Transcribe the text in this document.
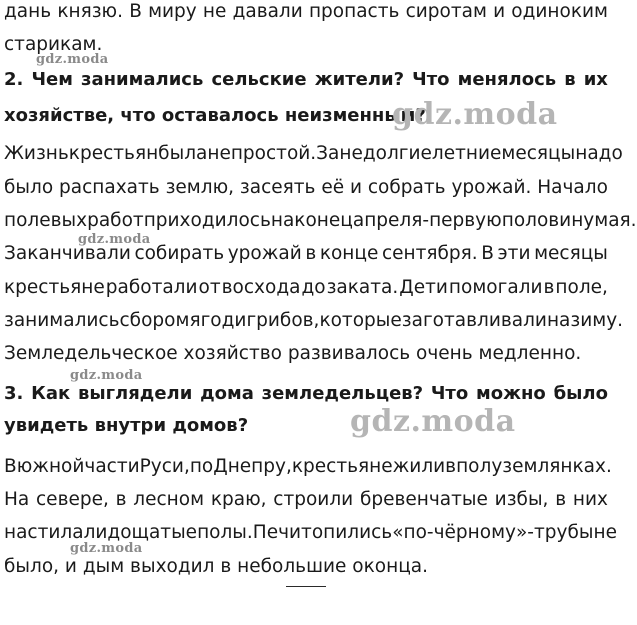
дань князю. В миру не давали пропасть сиротам и одиноким
старикам.
2. Чем занимались сельские жители? Что менялось в их
хозяйстве, что оставалось неизменным?
Жизнь крестьян была непростой. За недолгие летние месяцы надо
было распахать землю, засеять её и собрать урожай. Начало
полевых работ приходилось на конец апреля - первую половину мая.
Заканчивали собирать урожай в конце сентября. В эти месяцы
крестьяне работали от восхода до заката. Дети помогали в поле,
занимались сбором ягод и грибов, которые заготавливали на зиму.
Земледельческое хозяйство развивалось очень медленно.
3. Как выглядели дома земледельцев? Что можно было
увидеть внутри домов?
В южной части Руси, по Днепру, крестьяне жили в полуземлянках.
На севере, в лесном краю, строили бревенчатые избы, в них
настилали дощатые полы. Печи топились «по-чёрному» - трубы не
было, и дым выходил в небольшие оконца.
gdz.moda
gdz.moda
gdz.moda
gdz.moda
gdz.moda
gdz.moda
